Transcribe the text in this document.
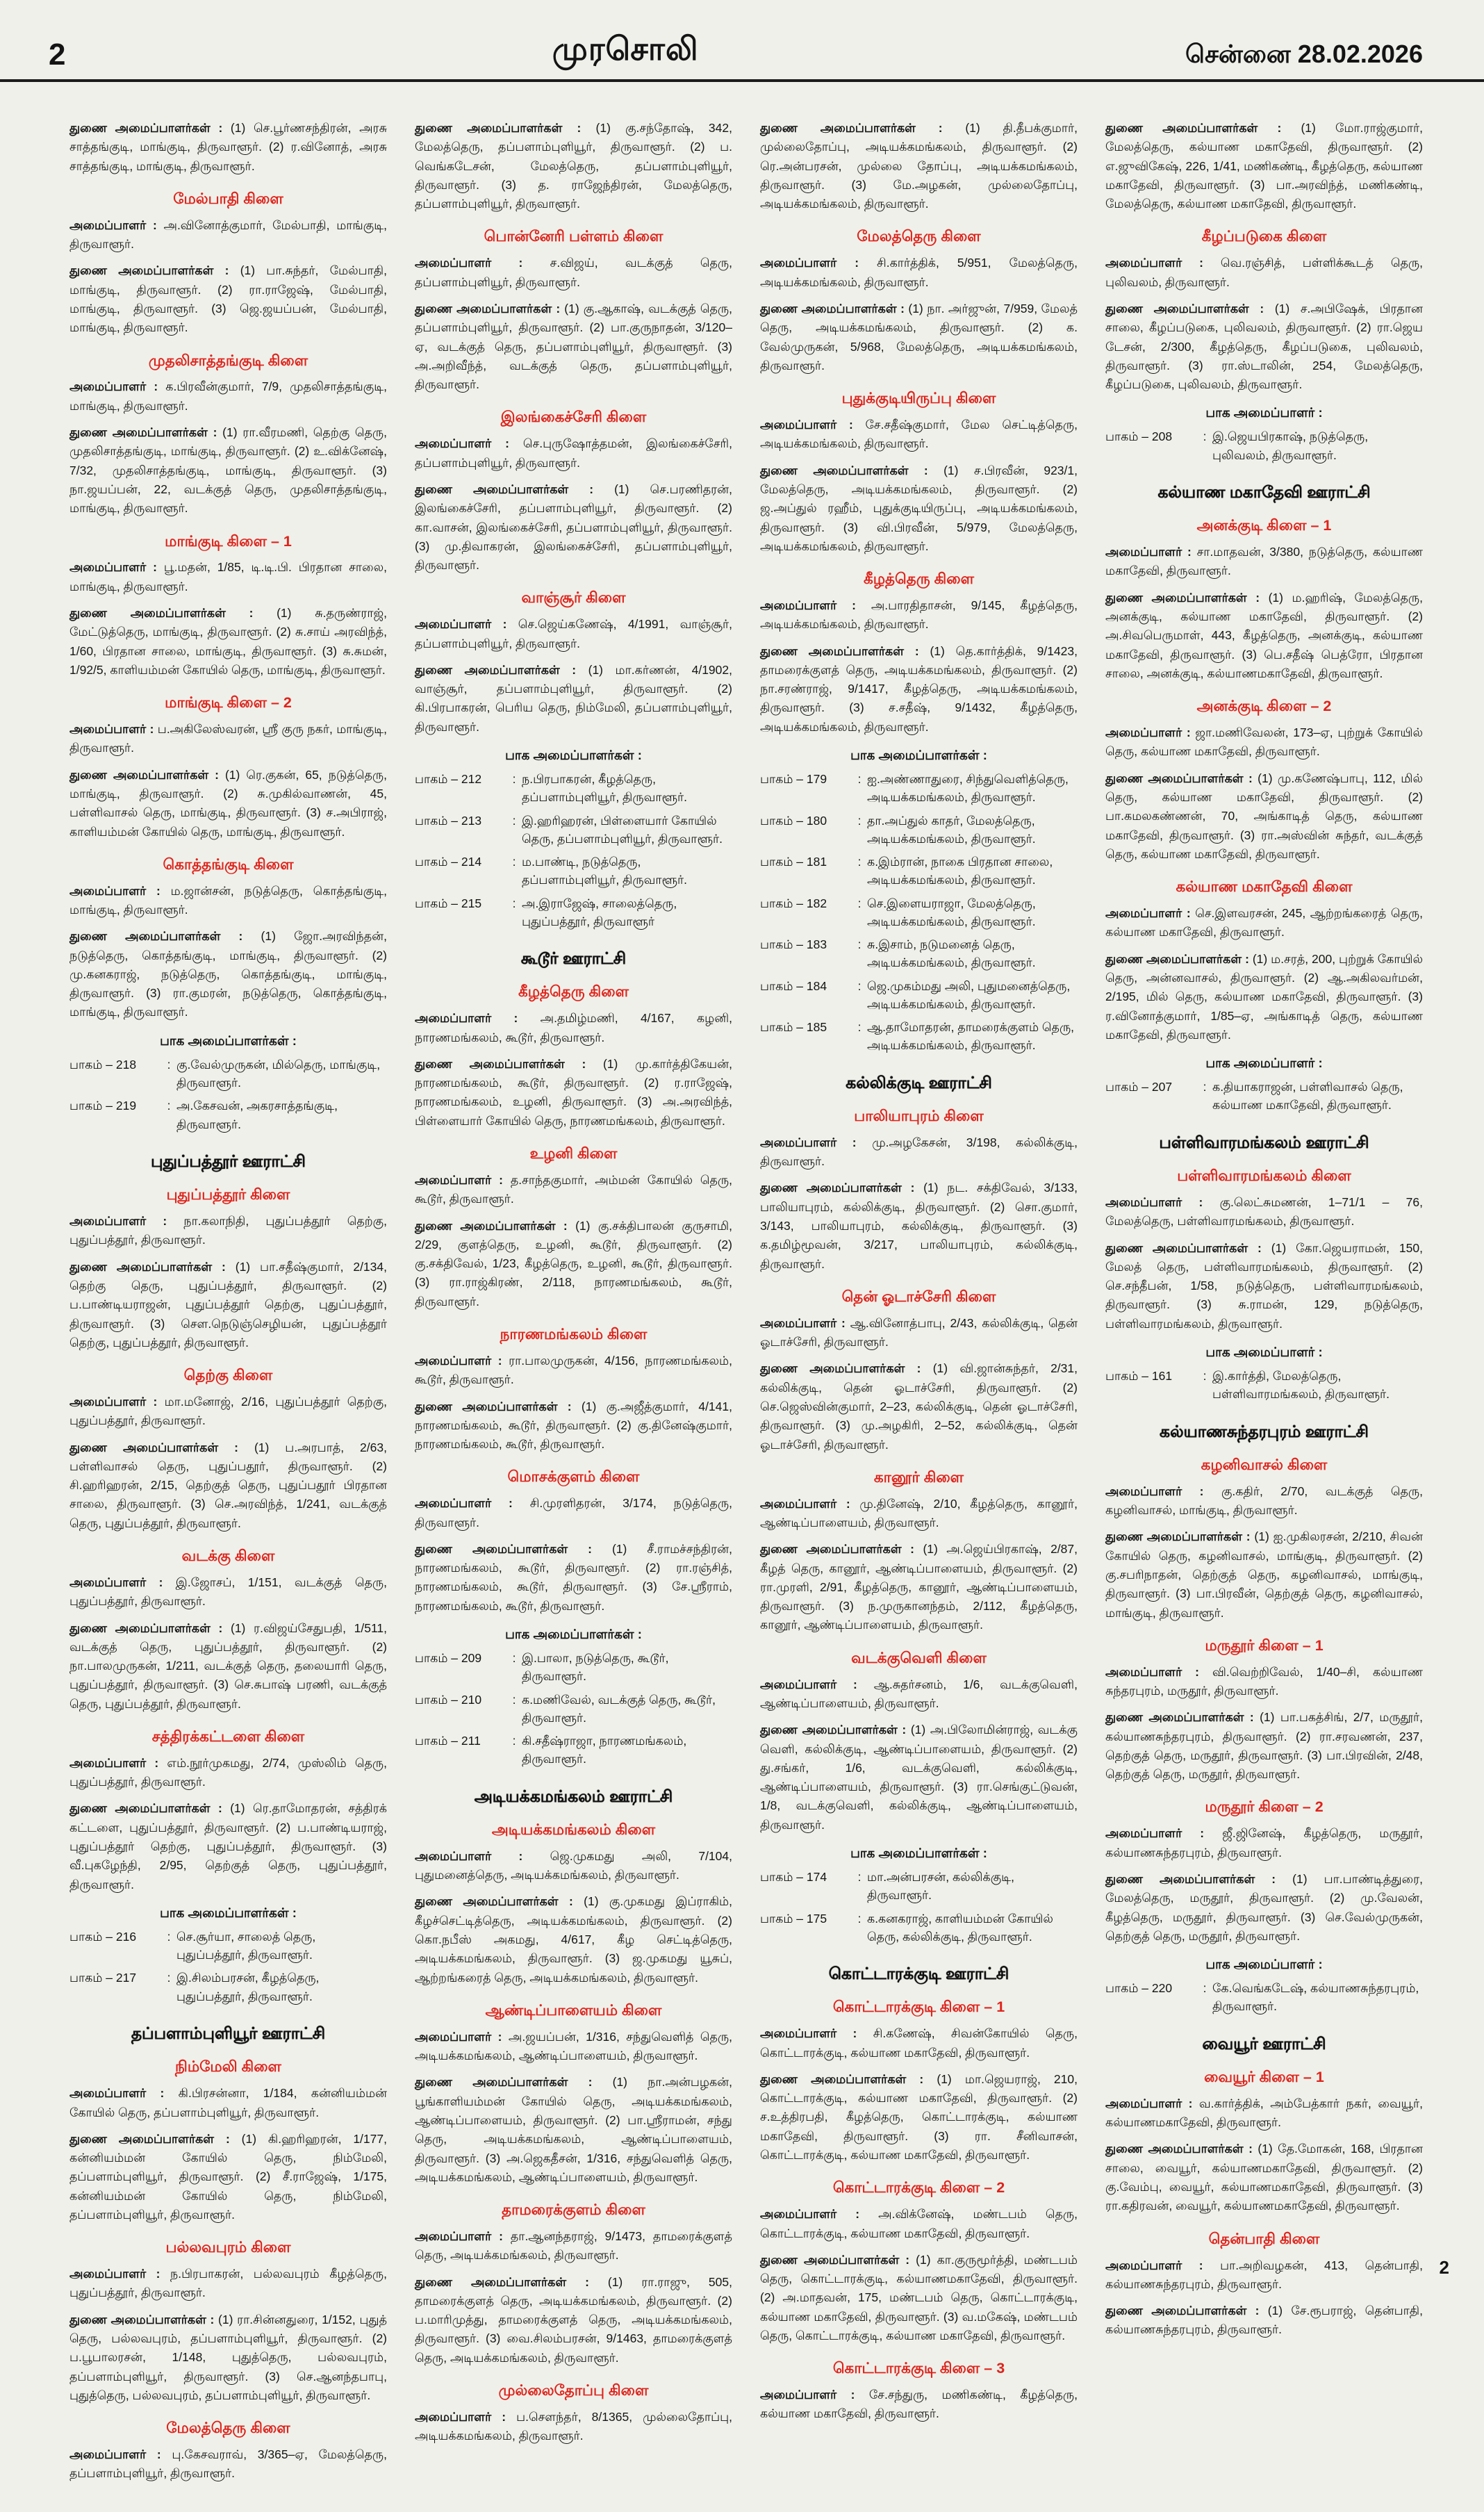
2	முரசொலி	சென்னை 28.02.2026

துணை அமைப்பாளர்கள் : (1) செ.பூர்ணசந்திரன், அரசு சாத்தங்குடி, மாங்குடி, திருவாளூர். (2) ர.வினோத், அரசு சாத்தங்குடி, மாங்குடி, திருவாளூர்.

மேல்பாதி கிளை

அமைப்பாளர் : அ.வினோத்குமார், மேல்பாதி, மாங்குடி, திருவாளூர்.

துணை அமைப்பாளர்கள் : (1) பா.சுந்தர், மேல்பாதி, மாங்குடி, திருவாளூர். (2) ரா.ராஜேஷ், மேல்பாதி, மாங்குடி, திருவாளூர். (3) ஜெ.ஜயப்பன், மேல்பாதி, மாங்குடி, திருவாளூர்.

முதலிசாத்தங்குடி கிளை

அமைப்பாளர் : க.பிரவீன்குமார், 7/9, முதலிசாத்தங்குடி, மாங்குடி, திருவாளூர்.

துணை அமைப்பாளர்கள் : (1) ரா.வீரமணி, தெற்கு தெரு, முதலிசாத்தங்குடி, மாங்குடி, திருவாளூர். (2) உ.விக்னேஷ், 7/32, முதலிசாத்தங்குடி, மாங்குடி, திருவாளூர். (3) நா.ஜயப்பன், 22, வடக்குத் தெரு, முதலிசாத்தங்குடி, மாங்குடி, திருவாளூர்.

மாங்குடி கிளை – 1

அமைப்பாளர் : பூ.மதன், 1/85, டி.டி.பி. பிரதான சாலை, மாங்குடி, திருவாளூர்.

துணை அமைப்பாளர்கள் : (1) சு.தருண்ராஜ், மேட்டுத்தெரு, மாங்குடி, திருவாளூர். (2) சு.சாய் அரவிந்த், 1/60, பிரதான சாலை, மாங்குடி, திருவாளூர். (3) சு.சுமன், 1/92/5, காளியம்மன் கோயில் தெரு, மாங்குடி, திருவாளூர்.

மாங்குடி கிளை – 2

அமைப்பாளர் : ப.அகிலேஸ்வரன், ஸ்ரீ குரு நகர், மாங்குடி, திருவாளூர்.

துணை அமைப்பாளர்கள் : (1) ரெ.குகன், 65, நடுத்தெரு, மாங்குடி, திருவாளூர். (2) சு.முகில்வாணன், 45, பள்ளிவாசல் தெரு, மாங்குடி, திருவாளூர். (3) ச.அபிராஜ், காளியம்மன் கோயில் தெரு, மாங்குடி, திருவாளூர்.

கொத்தங்குடி கிளை

அமைப்பாளர் : ம.ஜான்சன், நடுத்தெரு, கொத்தங்குடி, மாங்குடி, திருவாளூர்.

துணை அமைப்பாளர்கள் : (1) ஜோ.அரவிந்தன், நடுத்தெரு, கொத்தங்குடி, மாங்குடி, திருவாளூர். (2) மு.கனகராஜ், நடுத்தெரு, கொத்தங்குடி, மாங்குடி, திருவாளூர். (3) ரா.குமரன், நடுத்தெரு, கொத்தங்குடி, மாங்குடி, திருவாளூர்.

பாக அமைப்பாளர்கள் :
பாகம் – 218	: கு.வேல்முருகன், மில்தெரு, மாங்குடி, திருவாளூர்.
பாகம் – 219	: அ.கேசவன், அகரசாத்தங்குடி, திருவாளூர்.
புதுப்பத்தூர் ஊராட்சி
புதுப்பத்தூர் கிளை

அமைப்பாளர் : நா.கலாநிதி, புதுப்பத்தூர் தெற்கு, புதுப்பத்தூர், திருவாளூர்.

துணை அமைப்பாளர்கள் : (1) பா.சதீஷ்குமார், 2/134, தெற்கு தெரு, புதுப்பத்தூர், திருவாளூர். (2) ப.பாண்டியராஜன், புதுப்பத்தூர் தெற்கு, புதுப்பத்தூர், திருவாளூர். (3) செள.நெடுஞ்செழியன், புதுப்பத்தூர் தெற்கு, புதுப்பத்தூர், திருவாளூர்.

தெற்கு கிளை

அமைப்பாளர் : மா.மனோஜ், 2/16, புதுப்பத்தூர் தெற்கு, புதுப்பத்தூர், திருவாளூர்.

துணை அமைப்பாளர்கள் : (1) ப.அரபாத், 2/63, பள்ளிவாசல் தெரு, புதுப்பதூர், திருவாளூர். (2) சி.ஹரிஹரன், 2/15, தெற்குத் தெரு, புதுப்பதூர் பிரதான சாலை, திருவாளூர். (3) செ.அரவிந்த், 1/241, வடக்குத் தெரு, புதுப்பத்தூர், திருவாளூர்.

வடக்கு கிளை

அமைப்பாளர் : இ.ஜோசப், 1/151, வடக்குத் தெரு, புதுப்பத்தூர், திருவாளூர்.

துணை அமைப்பாளர்கள் : (1) ர.விஜய்சேதுபதி, 1/511, வடக்குத் தெரு, புதுப்பத்தூர், திருவாளூர். (2) நா.பாலமுருகன், 1/211, வடக்குத் தெரு, தலையாரி தெரு, புதுப்பத்தூர், திருவாளூர். (3) செ.சுபாஷ் பரணி, வடக்குத் தெரு, புதுப்பத்தூர், திருவாளூர்.

சத்திரக்கட்டளை கிளை

அமைப்பாளர் : எம்.நூர்முகமது, 2/74, முஸ்லிம் தெரு, புதுப்பத்தூர், திருவாளூர்.

துணை அமைப்பாளர்கள் : (1) ரெ.தாமோதரன், சத்திரக் கட்டளை, புதுப்பத்தூர், திருவாளூர். (2) ப.பாண்டியராஜ், புதுப்பத்தூர் தெற்கு, புதுப்பத்தூர், திருவாளூர். (3) வீ.புகழேந்தி, 2/95, தெற்குத் தெரு, புதுப்பத்தூர், திருவாளூர்.

பாக அமைப்பாளர்கள் :
பாகம் – 216	: செ.சூர்யா, சாலைத் தெரு, புதுப்பத்தூர், திருவாளூர்.
பாகம் – 217	: இ.சிலம்பரசன், கீழத்தெரு, புதுப்பத்தூர், திருவாளூர்.
தப்பளாம்புளியூர் ஊராட்சி
நிம்மேலி கிளை

அமைப்பாளர் : கி.பிரசன்னா, 1/184, கன்னியம்மன் கோயில் தெரு, தப்பளாம்புளியூர், திருவாளூர்.

துணை அமைப்பாளர்கள் : (1) கி.ஹரிஹரன், 1/177, கன்னியம்மன் கோயில் தெரு, நிம்மேலி, தப்பளாம்புளியூர், திருவாளூர். (2) சீ.ராஜேஷ், 1/175, கன்னியம்மன் கோயில் தெரு, நிம்மேலி, தப்பளாம்புளியூர், திருவாளூர்.

பல்லவபுரம் கிளை

அமைப்பாளர் : ந.பிரபாகரன், பல்லவபுரம் கீழத்தெரு, புதுப்பத்தூர், திருவாளூர்.

துணை அமைப்பாளர்கள் : (1) ரா.சின்னதுரை, 1/152, புதுத் தெரு, பல்லவபுரம், தப்பளாம்புளியூர், திருவாளூர். (2) ப.பூபாலரசன், 1/148, புதுத்தெரு, பல்லவபுரம், தப்பளாம்புளியூர், திருவாளூர். (3) செ.ஆனந்தபாபு, புதுத்தெரு, பல்லவபுரம், தப்பளாம்புளியூர், திருவாளூர்.

மேலத்தெரு கிளை

அமைப்பாளர் : பு.கேசவராவ், 3/365–ஏ, மேலத்தெரு, தப்பளாம்புளியூர், திருவாளூர்.

துணை அமைப்பாளர்கள் : (1) கு.சந்தோஷ், 342, மேலத்தெரு, தப்பளாம்புளியூர், திருவாளூர். (2) ப. வெங்கடேசன், மேலத்தெரு, தப்பளாம்புளியூர், திருவாளூர். (3) த. ராஜேந்திரன், மேலத்தெரு, தப்பளாம்புளியூர், திருவாளூர்.

பொன்னேரி பள்ளம் கிளை

அமைப்பாளர் : ச.விஜய், வடக்குத் தெரு, தப்பளாம்புளியூர், திருவாளூர்.

துணை அமைப்பாளர்கள் : (1) கு.ஆகாஷ், வடக்குத் தெரு, தப்பளாம்புளியூர், திருவாளூர். (2) பா.குருநாதன், 3/120–ஏ, வடக்குத் தெரு, தப்பளாம்புளியூர், திருவாளூர். (3) அ.அறிவீந்த், வடக்குத் தெரு, தப்பளாம்புளியூர், திருவாளூர்.

இலங்கைச்சேரி கிளை

அமைப்பாளர் : செ.புருஷோத்தமன், இலங்கைச்சேரி, தப்பளாம்புளியூர், திருவாளூர்.

துணை அமைப்பாளர்கள் : (1) செ.பரணிதரன், இலங்கைச்சேரி, தப்பளாம்புளியூர், திருவாளூர். (2) கா.வாசன், இலங்கைச்சேரி, தப்பளாம்புளியூர், திருவாளூர். (3) மு.திவாகரன், இலங்கைச்சேரி, தப்பளாம்புளியூர், திருவாளூர்.

வாஞ்சூர் கிளை

அமைப்பாளர் : செ.ஜெய்கணேஷ், 4/1991, வாஞ்சூர், தப்பளாம்புளியூர், திருவாளூர்.

துணை அமைப்பாளர்கள் : (1) மா.கர்ணன், 4/1902, வாஞ்சூர், தப்பளாம்புளியூர், திருவாளூர். (2) கி.பிரபாகரன், பெரிய தெரு, நிம்மேலி, தப்பளாம்புளியூர், திருவாளூர்.

பாக அமைப்பாளர்கள் :
பாகம் – 212	: ந.பிரபாகரன், கீழத்தெரு, தப்பளாம்புளியூர், திருவாளூர்.
பாகம் – 213	: இ.ஹரிஹரன், பிள்ளையார் கோயில் தெரு, தப்பளாம்புளியூர், திருவாளூர்.
பாகம் – 214	: ம.பாண்டி, நடுத்தெரு, தப்பளாம்புளியூர், திருவாளூர்.
பாகம் – 215	: அ.இராஜேஷ், சாலைத்தெரு, புதுப்பத்தூர், திருவாளூர்
கூடூர் ஊராட்சி
கீழத்தெரு கிளை

அமைப்பாளர் : அ.தமிழ்மணி, 4/167, கழனி, நாரணமங்கலம், கூடூர், திருவாளூர்.

துணை அமைப்பாளர்கள் : (1) மு.கார்த்திகேயன், நாரணமங்கலம், கூடூர், திருவாளூர். (2) ர.ராஜேஷ், நாரணமங்கலம், உழனி, திருவாளூர். (3) அ.அரவிந்த், பிள்ளையார் கோயில் தெரு, நாரணமங்கலம், திருவாளூர்.

உழனி கிளை

அமைப்பாளர் : த.சாந்தகுமார், அம்மன் கோயில் தெரு, கூடூர், திருவாளூர்.

துணை அமைப்பாளர்கள் : (1) கு.சக்திபாலன் குருசாமி, 2/29, குளத்தெரு, உழனி, கூடூர், திருவாளூர். (2) கு.சக்திவேல், 1/23, கீழத்தெரு, உழனி, கூடூர், திருவாளூர். (3) ரா.ராஜ்கிரண், 2/118, நாரணமங்கலம், கூடூர், திருவாளூர்.

நாரணமங்கலம் கிளை

அமைப்பாளர் : ரா.பாலமுருகன், 4/156, நாரணமங்கலம், கூடூர், திருவாளூர்.

துணை அமைப்பாளர்கள் : (1) கு.அஜீத்குமார், 4/141, நாரணமங்கலம், கூடூர், திருவாளூர். (2) கு.தினேஷ்குமார், நாரணமங்கலம், கூடூர், திருவாளூர்.

மொசக்குளம் கிளை

அமைப்பாளர் : சி.முரளிதரன், 3/174, நடுத்தெரு, திருவாளூர்.

துணை அமைப்பாளர்கள் : (1) சீ.ராமச்சந்திரன், நாரணமங்கலம், கூடூர், திருவாளூர். (2) ரா.ரஞ்சித், நாரணமங்கலம், கூடூர், திருவாளூர். (3) சே.ஸ்ரீராம், நாரணமங்கலம், கூடூர், திருவாளூர்.

பாக அமைப்பாளர்கள் :
பாகம் – 209	: இ.பாலா, நடுத்தெரு, கூடூர், திருவாளூர்.
பாகம் – 210	: க.மணிவேல், வடக்குத் தெரு, கூடூர், திருவாளூர்.
பாகம் – 211	: கி.சதீஷ்ராஜா, நாரணமங்கலம், திருவாளூர்.
அடியக்கமங்கலம் ஊராட்சி
அடியக்கமங்கலம் கிளை

அமைப்பாளர் : ஜெ.முகமது அலி, 7/104, புதுமனைத்தெரு, அடியக்கமங்கலம், திருவாளூர்.

துணை அமைப்பாளர்கள் : (1) கு.முகமது இப்ராகிம், கீழச்செட்டித்தெரு, அடியக்கமங்கலம், திருவாளூர். (2) கொ.நபீஸ் அகமது, 4/617, கீழ செட்டித்தெரு, அடியக்கமங்கலம், திருவாளூர். (3) ஜ.முகமது யூசுப், ஆற்றங்கரைத் தெரு, அடியக்கமங்கலம், திருவாளூர்.

ஆண்டிப்பாளையம் கிளை

அமைப்பாளர் : அ.ஜயப்பன், 1/316, சந்துவெளித் தெரு, அடியக்கமங்கலம், ஆண்டிப்பாளையம், திருவாளூர்.

துணை அமைப்பாளர்கள் : (1) நா.அன்பழகன், பூங்காளியம்மன் கோயில் தெரு, அடியக்கமங்கலம், ஆண்டிப்பாளையம், திருவாளூர். (2) பா.ஸ்ரீராமன், சந்து தெரு, அடியக்கமங்கலம், ஆண்டிப்பாளையம், திருவாளூர். (3) அ.ஜெகதீசன், 1/316, சந்துவெளித் தெரு, அடியக்கமங்கலம், ஆண்டிப்பாளையம், திருவாளூர்.

தாமரைக்குளம் கிளை

அமைப்பாளர் : தா.ஆனந்தராஜ், 9/1473, தாமரைக்குளத் தெரு, அடியக்கமங்கலம், திருவாளூர்.

துணை அமைப்பாளர்கள் : (1) ரா.ராஜு, 505, தாமரைக்குளத் தெரு, அடியக்கமங்கலம், திருவாளூர். (2) ப.மாரிமுத்து, தாமரைக்குளத் தெரு, அடியக்கமங்கலம், திருவாளூர். (3) வை.சிலம்பரசன், 9/1463, தாமரைக்குளத் தெரு, அடியக்கமங்கலம், திருவாளூர்.

முல்லைதோப்பு கிளை

அமைப்பாளர் : ப.செளந்தர், 8/1365, முல்லைதோப்பு, அடியக்கமங்கலம், திருவாளூர்.

துணை அமைப்பாளர்கள் : (1) தி.தீபக்குமார், முல்லைதோப்பு, அடியக்கமங்கலம், திருவாளூர். (2) ரெ.அன்பரசன், முல்லை தோப்பு, அடியக்கமங்கலம், திருவாளூர். (3) மே.அழகன், முல்லைதோப்பு, அடியக்கமங்கலம், திருவாளூர்.

மேலத்தெரு கிளை

அமைப்பாளர் : சி.கார்த்திக், 5/951, மேலத்தெரு, அடியக்கமங்கலம், திருவாளூர்.

துணை அமைப்பாளர்கள் : (1) நா. அர்ஜுன், 7/959, மேலத் தெரு, அடியக்கமங்கலம், திருவாளூர். (2) க. வேல்முருகன், 5/968, மேலத்தெரு, அடியக்கமங்கலம், திருவாளூர்.

புதுக்குடியிருப்பு கிளை

அமைப்பாளர் : சே.சதீஷ்குமார், மேல செட்டித்தெரு, அடியக்கமங்கலம், திருவாளூர்.

துணை அமைப்பாளர்கள் : (1) ச.பிரவீன், 923/1, மேலத்தெரு, அடியக்கமங்கலம், திருவாளூர். (2) ஜ.அப்துல் ரஹீம், புதுக்குடியிருப்பு, அடியக்கமங்கலம், திருவாளூர். (3) வி.பிரவீன், 5/979, மேலத்தெரு, அடியக்கமங்கலம், திருவாளூர்.

கீழத்தெரு கிளை

அமைப்பாளர் : அ.பாரதிதாசன், 9/145, கீழத்தெரு, அடியக்கமங்கலம், திருவாளூர்.

துணை அமைப்பாளர்கள் : (1) தெ.கார்த்திக், 9/1423, தாமரைக்குளத் தெரு, அடியக்கமங்கலம், திருவாளூர். (2) நா.சரண்ராஜ், 9/1417, கீழத்தெரு, அடியக்கமங்கலம், திருவாளூர். (3) ச.சதீஷ், 9/1432, கீழத்தெரு, அடியக்கமங்கலம், திருவாளூர்.

பாக அமைப்பாளர்கள் :
பாகம் – 179	: ஐ.அண்ணாதுரை, சிந்துவெளித்தெரு, அடியக்கமங்கலம், திருவாளூர்.
பாகம் – 180	: தா.அப்துல் காதர், மேலத்தெரு, அடியக்கமங்கலம், திருவாளூர்.
பாகம் – 181	: க.இம்ரான், நாகை பிரதான சாலை, அடியக்கமங்கலம், திருவாளூர்.
பாகம் – 182	: செ.இளையராஜா, மேலத்தெரு, அடியக்கமங்கலம், திருவாளூர்.
பாகம் – 183	: சு.இசாம், நடுமனைத் தெரு, அடியக்கமங்கலம், திருவாளூர்.
பாகம் – 184	: ஜெ.முகம்மது அலி, புதுமனைத்தெரு, அடியக்கமங்கலம், திருவாளூர்.
பாகம் – 185	: ஆ.தாமோதரன், தாமரைக்குளம் தெரு, அடியக்கமங்கலம், திருவாளூர்.
கல்லிக்குடி ஊராட்சி
பாலியாபுரம் கிளை

அமைப்பாளர் : மு.அழகேசன், 3/198, கல்லிக்குடி, திருவாளூர்.

துணை அமைப்பாளர்கள் : (1) நட. சக்திவேல், 3/133, பாலியாபுரம், கல்லிக்குடி, திருவாளூர். (2) சொ.குமார், 3/143, பாலியாபுரம், கல்லிக்குடி, திருவாளூர். (3) க.தமிழ்மூவன், 3/217, பாலியாபுரம், கல்லிக்குடி, திருவாளூர்.

தென் ஓடாச்சேரி கிளை

அமைப்பாளர் : ஆ.வினோத்பாபு, 2/43, கல்லிக்குடி, தென் ஓடாச்சேரி, திருவாளூர்.

துணை அமைப்பாளர்கள் : (1) வி.ஜான்சுந்தர், 2/31, கல்லிக்குடி, தென் ஓடாச்சேரி, திருவாளூர். (2) செ.ஜெஸ்வின்குமார், 2–23, கல்லிக்குடி, தென் ஓடாச்சேரி, திருவாளூர். (3) மு.அழகிரி, 2–52, கல்லிக்குடி, தென் ஓடாச்சேரி, திருவாளூர்.

கானூர் கிளை

அமைப்பாளர் : மு.தினேஷ், 2/10, கீழத்தெரு, கானூர், ஆண்டிப்பாளையம், திருவாளூர்.

துணை அமைப்பாளர்கள் : (1) அ.ஜெய்பிரகாஷ், 2/87, கீழத் தெரு, கானூர், ஆண்டிப்பாளையம், திருவாளூர். (2) ரா.முரளி, 2/91, கீழத்தெரு, கானூர், ஆண்டிப்பாளையம், திருவாளூர். (3) ந.முருகானந்தம், 2/112, கீழத்தெரு, கானூர், ஆண்டிப்பாளையம், திருவாளூர்.

வடக்குவெளி கிளை

அமைப்பாளர் : ஆ.சுதர்சனம், 1/6, வடக்குவெளி, ஆண்டிப்பாளையம், திருவாளூர்.

துணை அமைப்பாளர்கள் : (1) அ.பிலோமின்ராஜ், வடக்கு வெளி, கல்லிக்குடி, ஆண்டிப்பாளையம், திருவாளூர். (2) து.சங்கர், 1/6, வடக்குவெளி, கல்லிக்குடி, ஆண்டிப்பாளையம், திருவாளூர். (3) ரா.செங்குட்டுவன், 1/8, வடக்குவெளி, கல்லிக்குடி, ஆண்டிப்பாளையம், திருவாளூர்.

பாக அமைப்பாளர்கள் :
பாகம் – 174	: மா.அன்பரசன், கல்லிக்குடி, திருவாளூர்.
பாகம் – 175	: க.கனகராஜ், காளியம்மன் கோயில் தெரு, கல்லிக்குடி, திருவாளூர்.
கொட்டாரக்குடி ஊராட்சி
கொட்டாரக்குடி கிளை – 1

அமைப்பாளர் : சி.கணேஷ், சிவன்கோயில் தெரு, கொட்டாரக்குடி, கல்யாண மகாதேவி, திருவாளூர்.

துணை அமைப்பாளர்கள் : (1) மா.ஜெயராஜ், 210, கொட்டாரக்குடி, கல்யாண மகாதேவி, திருவாளூர். (2) ச.உத்திரபதி, கீழத்தெரு, கொட்டாரக்குடி, கல்யாண மகாதேவி, திருவாளூர். (3) ரா. சீனிவாசன், கொட்டாரக்குடி, கல்யாண மகாதேவி, திருவாளூர்.

கொட்டாரக்குடி கிளை – 2

அமைப்பாளர் : அ.விக்னேஷ், மண்டபம் தெரு, கொட்டாரக்குடி, கல்யாண மகாதேவி, திருவாளூர்.

துணை அமைப்பாளர்கள் : (1) கா.குருமூர்த்தி, மண்டபம் தெரு, கொட்டாரக்குடி, கல்யாணமகாதேவி, திருவாளூர். (2) அ.மாதவன், 175, மண்டபம் தெரு, கொட்டாரக்குடி, கல்யாண மகாதேவி, திருவாளூர். (3) வ.மகேஷ், மண்டபம் தெரு, கொட்டாரக்குடி, கல்யாண மகாதேவி, திருவாளூர்.

கொட்டாரக்குடி கிளை – 3

அமைப்பாளர் : சே.சந்துரு, மணிகண்டி, கீழத்தெரு, கல்யாண மகாதேவி, திருவாளூர்.

துணை அமைப்பாளர்கள் : (1) மோ.ராஜ்குமார், மேலத்தெரு, கல்யாண மகாதேவி, திருவாளூர். (2) எ.ஜுவிகேஷ், 226, 1/41, மணிகண்டி, கீழத்தெரு, கல்யாண மகாதேவி, திருவாளூர். (3) பா.அரவிந்த், மணிகண்டி, மேலத்தெரு, கல்யாண மகாதேவி, திருவாளூர்.

கீழப்படுகை கிளை

அமைப்பாளர் : வெ.ரஞ்சித், பள்ளிக்கூடத் தெரு, புலிவலம், திருவாளூர்.

துணை அமைப்பாளர்கள் : (1) ச.அபிஷேக், பிரதான சாலை, கீழப்படுகை, புலிவலம், திருவாளூர். (2) ரா.ஜெய டேசன், 2/300, கீழத்தெரு, கீழப்படுகை, புலிவலம், திருவாளூர். (3) ரா.ஸ்டாலின், 254, மேலத்தெரு, கீழப்படுகை, புலிவலம், திருவாளூர்.

பாக அமைப்பாளர் :
பாகம் – 208	: இ.ஜெயபிரகாஷ், நடுத்தெரு, புலிவலம், திருவாளூர்.
கல்யாண மகாதேவி ஊராட்சி
அனக்குடி கிளை – 1

அமைப்பாளர் : சா.மாதவன், 3/380, நடுத்தெரு, கல்யாண மகாதேவி, திருவாளூர்.

துணை அமைப்பாளர்கள் : (1) ம.ஹரிஷ், மேலத்தெரு, அனக்குடி, கல்யாண மகாதேவி, திருவாளூர். (2) அ.சிவபெருமாள், 443, கீழத்தெரு, அனக்குடி, கல்யாண மகாதேவி, திருவாளூர். (3) பெ.சதீஷ் பெத்ரோ, பிரதான சாலை, அனக்குடி, கல்யாணமகாதேவி, திருவாளூர்.

அனக்குடி கிளை – 2

அமைப்பாளர் : ஜா.மணிவேலன், 173–ஏ, புற்றுக் கோயில் தெரு, கல்யாண மகாதேவி, திருவாளூர்.

துணை அமைப்பாளர்கள் : (1) மு.கணேஷ்பாபு, 112, மில் தெரு, கல்யாண மகாதேவி, திருவாளூர். (2) பா.கமலகண்ணன், 70, அங்காடித் தெரு, கல்யாண மகாதேவி, திருவாளூர். (3) ரா.அஸ்வின் சுந்தர், வடக்குத் தெரு, கல்யாண மகாதேவி, திருவாளூர்.

கல்யாண மகாதேவி கிளை

அமைப்பாளர் : செ.இளவரசன், 245, ஆற்றங்கரைத் தெரு, கல்யாண மகாதேவி, திருவாளூர்.

துணை அமைப்பாளர்கள் : (1) ம.சரத், 200, புற்றுக் கோயில் தெரு, அன்னவாசல், திருவாளூர். (2) ஆ.அகிலவர்மன், 2/195, மில் தெரு, கல்யாண மகாதேவி, திருவாளூர். (3) ர.வினோத்குமார், 1/85–ஏ, அங்காடித் தெரு, கல்யாண மகாதேவி, திருவாளூர்.

பாக அமைப்பாளர் :
பாகம் – 207	: க.தியாகராஜன், பள்ளிவாசல் தெரு, கல்யாண மகாதேவி, திருவாளூர்.
பள்ளிவாரமங்கலம் ஊராட்சி
பள்ளிவாரமங்கலம் கிளை

அமைப்பாளர் : கு.லெட்சுமணன், 1–71/1 – 76, மேலத்தெரு, பள்ளிவாரமங்கலம், திருவாளூர்.

துணை அமைப்பாளர்கள் : (1) கோ.ஜெயராமன், 150, மேலத் தெரு, பள்ளிவாரமங்கலம், திருவாளூர். (2) செ.சந்தீபன், 1/58, நடுத்தெரு, பள்ளிவாரமங்கலம், திருவாளூர். (3) சு.ராமன், 129, நடுத்தெரு, பள்ளிவாரமங்கலம், திருவாளூர்.

பாக அமைப்பாளர் :
பாகம் – 161	: இ.கார்த்தி, மேலத்தெரு, பள்ளிவாரமங்கலம், திருவாளூர்.
கல்யாணசுந்தரபுரம் ஊராட்சி
கழனிவாசல் கிளை

அமைப்பாளர் : கு.கதிர், 2/70, வடக்குத் தெரு, கழனிவாசல், மாங்குடி, திருவாளூர்.

துணை அமைப்பாளர்கள் : (1) ஐ.முகிலரசன், 2/210, சிவன் கோயில் தெரு, கழனிவாசல், மாங்குடி, திருவாளூர். (2) கு.சபரிநாதன், தெற்குத் தெரு, கழனிவாசல், மாங்குடி, திருவாளூர். (3) பா.பிரவீன், தெற்குத் தெரு, கழனிவாசல், மாங்குடி, திருவாளூர்.

மருதூர் கிளை – 1

அமைப்பாளர் : வி.வெற்றிவேல், 1/40–சி, கல்யாண சுந்தரபுரம், மருதூர், திருவாளூர்.

துணை அமைப்பாளர்கள் : (1) பா.பகத்சிங், 2/7, மருதூர், கல்யாணசுந்தரபுரம், திருவாளூர். (2) ரா.சரவணன், 237, தெற்குத் தெரு, மருதூர், திருவாளூர். (3) பா.பிரவின், 2/48, தெற்குத் தெரு, மருதூர், திருவாளூர்.

மருதூர் கிளை – 2

அமைப்பாளர் : ஜீ.ஜினேஷ், கீழத்தெரு, மருதூர், கல்யாணசுந்தரபுரம், திருவாளூர்.

துணை அமைப்பாளர்கள் : (1) பா.பாண்டித்துரை, மேலத்தெரு, மருதூர், திருவாளூர். (2) மு.வேலன், கீழத்தெரு, மருதூர், திருவாளூர். (3) செ.வேல்முருகன், தெற்குத் தெரு, மருதூர், திருவாளூர்.

பாக அமைப்பாளர் :
பாகம் – 220	: கே.வெங்கடேஷ், கல்யாணசுந்தரபுரம், திருவாளூர்.
வையூர் ஊராட்சி
வையூர் கிளை – 1

அமைப்பாளர் : வ.கார்த்திக், அம்பேத்கார் நகர், வையூர், கல்யாணமகாதேவி, திருவாளூர்.

துணை அமைப்பாளர்கள் : (1) தே.மோகன், 168, பிரதான சாலை, வையூர், கல்யாணமகாதேவி, திருவாளூர். (2) கு.வேம்பு, வையூர், கல்யாணமகாதேவி, திருவாளூர். (3) ரா.கதிரவன், வையூர், கல்யாணமகாதேவி, திருவாளூர்.

தென்பாதி கிளை

அமைப்பாளர் : பா.அறிவழகன், 413, தென்பாதி, கல்யாணசுந்தரபுரம், திருவாளூர்.

துணை அமைப்பாளர்கள் : (1) சே.ரூபராஜ், தென்பாதி, கல்யாணசுந்தரபுரம், திருவாளூர்.

2
